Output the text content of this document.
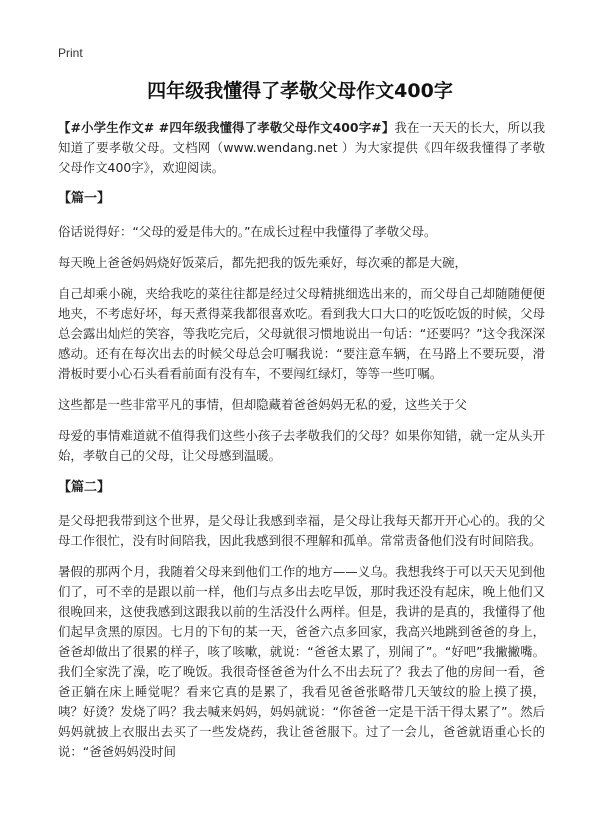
Print
四年级我懂得了孝敬父母作文400字

【#小学生作文# #四年级我懂得了孝敬父母作文400字#】我在一天天的长大，所以我知道了要孝敬父母。文档网（www.wendang.net ）为大家提供《四年级我懂得了孝敬父母作文400字》，欢迎阅读。

【篇一】

俗话说得好：“父母的爱是伟大的。”在成长过程中我懂得了孝敬父母。

每天晚上爸爸妈妈烧好饭菜后，都先把我的饭先乘好，每次乘的都是大碗，

自己却乘小碗，夹给我吃的菜往往都是经过父母精挑细选出来的，而父母自己却随随便便地夹，不考虑好坏，每天煮得菜我都很喜欢吃。看到我大口大口的吃饭吃饭的时候，父母总会露出灿烂的笑容，等我吃完后，父母就很习惯地说出一句话：“还要吗？”这令我深深感动。还有在每次出去的时候父母总会叮嘱我说：“要注意车辆，在马路上不要玩耍，滑滑板时要小心石头看看前面有没有车，不要闯红绿灯，等等一些叮嘱。

这些都是一些非常平凡的事情，但却隐藏着爸爸妈妈无私的爱，这些关于父

母爱的事情难道就不值得我们这些小孩子去孝敬我们的父母？如果你知错，就一定从头开始，孝敬自己的父母，让父母感到温暖。

【篇二】

是父母把我带到这个世界，是父母让我感到幸福，是父母让我每天都开开心心的。我的父母工作很忙，没有时间陪我，因此我感到很不理解和孤单。常常责备他们没有时间陪我。

暑假的那两个月，我随着父母来到他们工作的地方——义乌。我想我终于可以天天见到他们了，可不幸的是跟以前一样，他们与点多出去吃早饭，那时我还没有起床，晚上他们又很晚回来，这使我感到这跟我以前的生活没什么两样。但是，我讲的是真的，我懂得了他们起早贪黑的原因。七月的下旬的某一天，爸爸六点多回家，我高兴地跳到爸爸的身上，爸爸却做出了很累的样子，咳了咳嗽，就说：“爸爸太累了，别闹了”。“好吧”我撇撇嘴。我们全家洗了澡，吃了晚饭。我很奇怪爸爸为什么不出去玩了？我去了他的房间一看，爸爸正躺在床上睡觉呢？看来它真的是累了，我看见爸爸张略带几天皱纹的脸上摸了摸，咦？好烫？发烧了吗？我去喊来妈妈，妈妈就说：“你爸爸一定是干活干得太累了”。然后妈妈就披上衣服出去买了一些发烧药，我让爸爸服下。过了一会儿，爸爸就语重心长的说：“爸爸妈妈没时间
